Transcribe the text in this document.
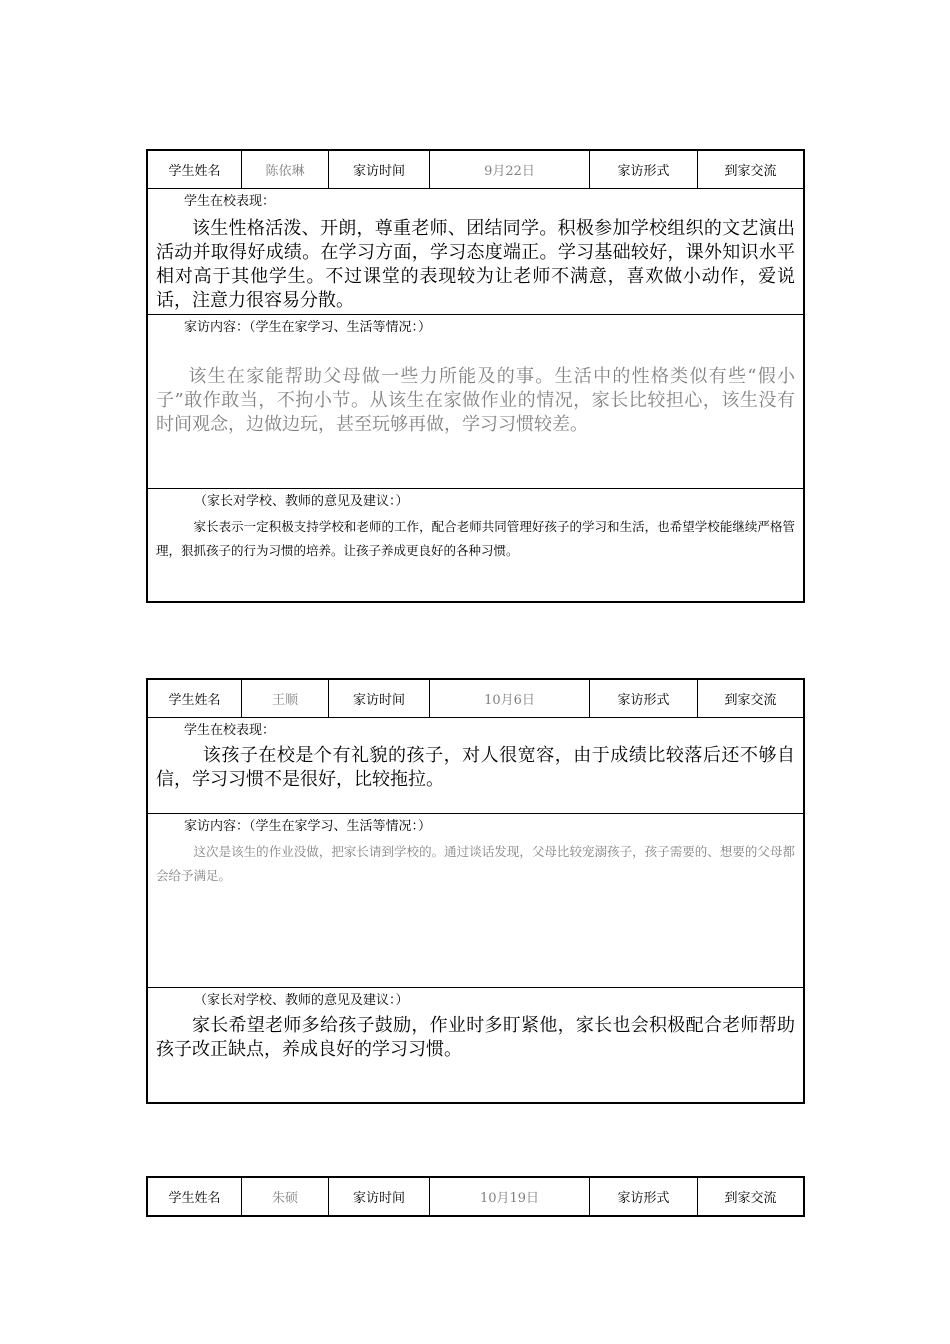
学生姓名	陈依琳	家访时间	9月22日	家访形式	到家交流
学生在校表现：

该生性格活泼、开朗，尊重老师、团结同学。积极参加学校组织的文艺演出活动并取得好成绩。在学习方面，学习态度端正。学习基础较好，课外知识水平相对高于其他学生。不过课堂的表现较为让老师不满意，喜欢做小动作，爱说话，注意力很容易分散。

家访内容：（学生在家学习、生活等情况：）

该生在家能帮助父母做一些力所能及的事。生活中的性格类似有些“假小子”敢作敢当，不拘小节。从该生在家做作业的情况，家长比较担心，该生没有时间观念，边做边玩，甚至玩够再做，学习习惯较差。

（家长对学校、教师的意见及建议：）

家长表示一定积极支持学校和老师的工作，配合老师共同管理好孩子的学习和生活，也希望学校能继续严格管理，狠抓孩子的行为习惯的培养。让孩子养成更良好的各种习惯。

学生姓名	王顺	家访时间	10月6日	家访形式	到家交流
学生在校表现：

该孩子在校是个有礼貌的孩子，对人很宽容，由于成绩比较落后还不够自信，学习习惯不是很好，比较拖拉。

家访内容：（学生在家学习、生活等情况：）

这次是该生的作业没做，把家长请到学校的。通过谈话发现，父母比较宠溺孩子，孩子需要的、想要的父母都会给予满足。

（家长对学校、教师的意见及建议：）

家长希望老师多给孩子鼓励，作业时多盯紧他，家长也会积极配合老师帮助孩子改正缺点，养成良好的学习习惯。

学生姓名	朱硕	家访时间	10月19日	家访形式	到家交流
